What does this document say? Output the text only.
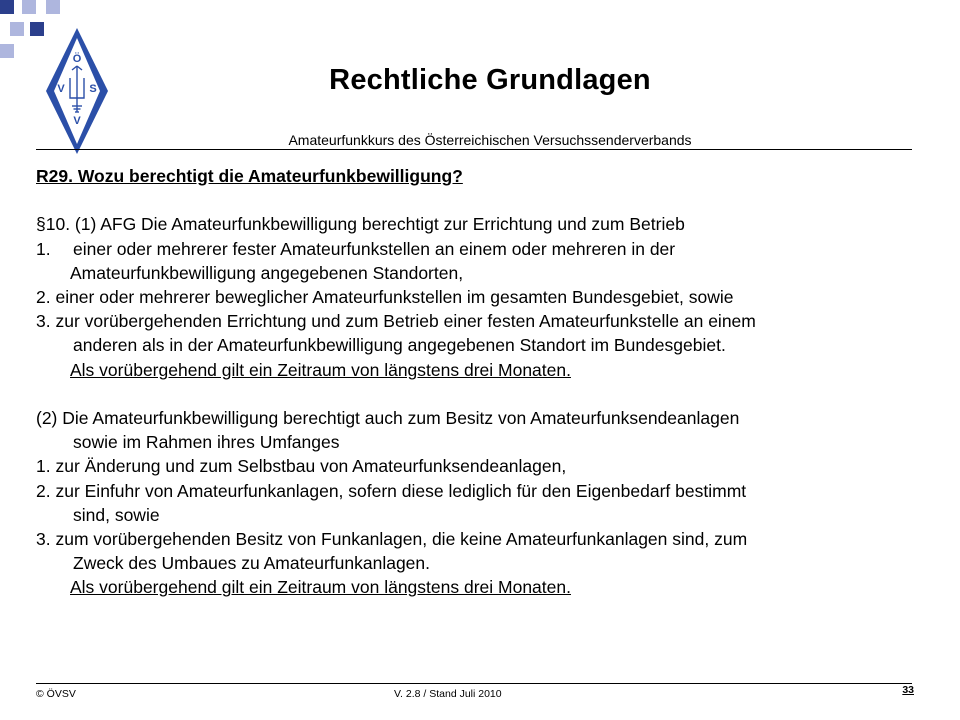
Ö
V S
V
Rechtliche Grundlagen
Amateurfunkkurs des Österreichischen Versuchssenderverbands
R29. Wozu berechtigt die Amateurfunkbewilligung?
§10. (1) AFG Die Amateurfunkbewilligung berechtigt zur Errichtung und zum Betrieb
1.	einer oder mehrerer fester Amateurfunkstellen an einem oder mehreren in der
Amateurfunkbewilligung angegebenen Standorten,
2. einer oder mehrerer beweglicher Amateurfunkstellen im gesamten Bundesgebiet, sowie
3. zur vorübergehenden Errichtung und zum Betrieb einer festen Amateurfunkstelle an einem
anderen als in der Amateurfunkbewilligung angegebenen Standort im Bundesgebiet.
Als vorübergehend gilt ein Zeitraum von längstens drei Monaten.
(2) Die Amateurfunkbewilligung berechtigt auch zum Besitz von Amateurfunksendeanlagen
sowie im Rahmen ihres Umfanges
1. zur Änderung und zum Selbstbau von Amateurfunksendeanlagen,
2. zur Einfuhr von Amateurfunkanlagen, sofern diese lediglich für den Eigenbedarf bestimmt
sind, sowie
3. zum vorübergehenden Besitz von Funkanlagen, die keine Amateurfunkanlagen sind, zum
Zweck des Umbaues zu Amateurfunkanlagen.
Als vorübergehend gilt ein Zeitraum von längstens drei Monaten.
© ÖVSV	V. 2.8 / Stand Juli 2010	33
